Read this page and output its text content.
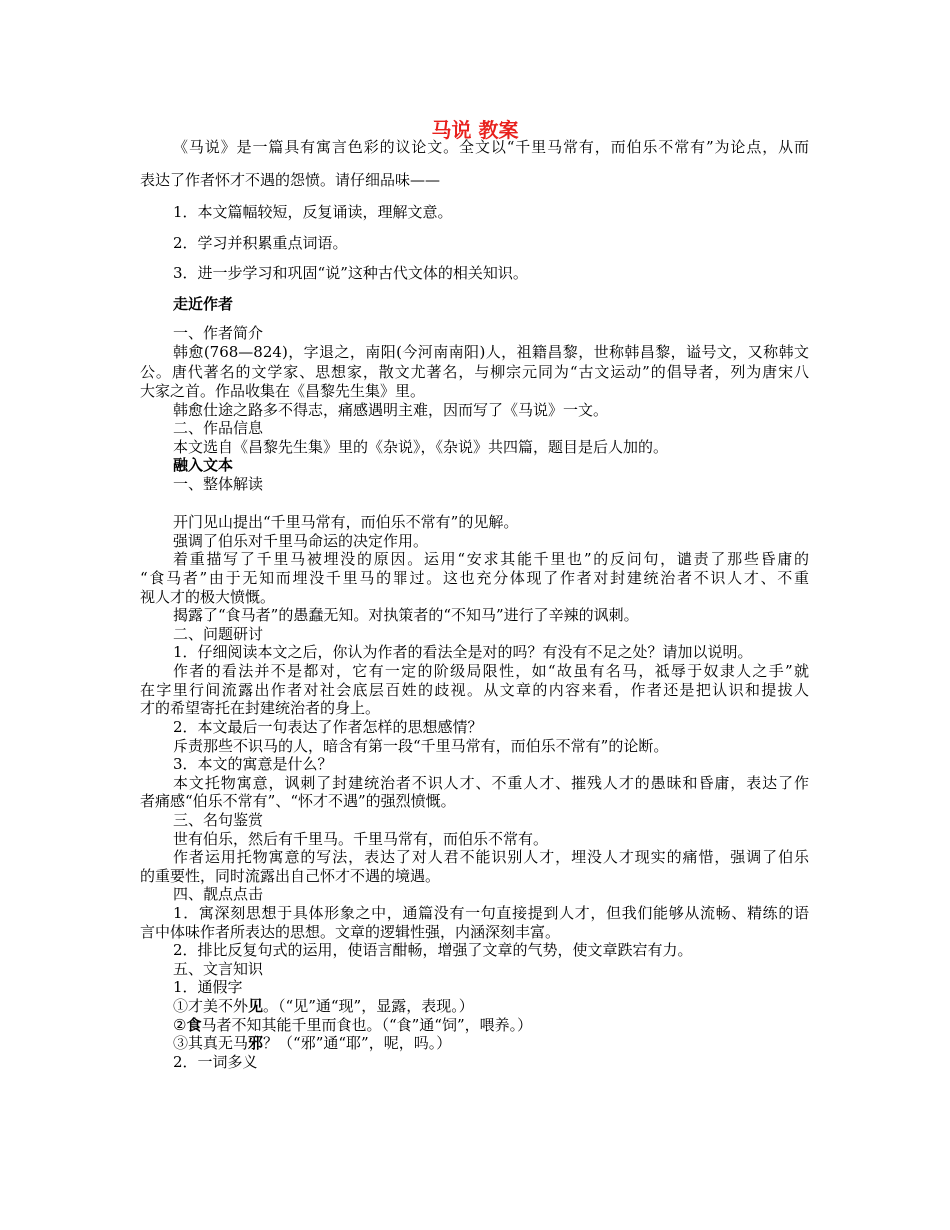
马说 教案
《马说》是一篇具有寓言色彩的议论文。全文以“千里马常有，而伯乐不常有”为论点，从而
表达了作者怀才不遇的怨愤。请仔细品味——
1．本文篇幅较短，反复诵读，理解文意。
2．学习并积累重点词语。
3．进一步学习和巩固“说”这种古代文体的相关知识。
走近作者
一、作者简介
韩愈(768—824)，字退之，南阳(今河南南阳)人，祖籍昌黎，世称韩昌黎，谥号文，又称韩文
公。唐代著名的文学家、思想家，散文尤著名，与柳宗元同为“古文运动”的倡导者，列为唐宋八
大家之首。作品收集在《昌黎先生集》里。
韩愈仕途之路多不得志，痛感遇明主难，因而写了《马说》一文。
二、作品信息
本文选自《昌黎先生集》里的《杂说》，《杂说》共四篇，题目是后人加的。
融入文本
一、整体解读
开门见山提出“千里马常有，而伯乐不常有”的见解。
强调了伯乐对千里马命运的决定作用。
着重描写了千里马被埋没的原因。运用“安求其能千里也”的反问句，谴责了那些昏庸的
“食马者”由于无知而埋没千里马的罪过。这也充分体现了作者对封建统治者不识人才、不重
视人才的极大愤慨。
揭露了“食马者”的愚蠢无知。对执策者的“不知马”进行了辛辣的讽刺。
二、问题研讨
1．仔细阅读本文之后，你认为作者的看法全是对的吗？有没有不足之处？请加以说明。
作者的看法并不是都对，它有一定的阶级局限性，如“故虽有名马，祗辱于奴隶人之手”就
在字里行间流露出作者对社会底层百姓的歧视。从文章的内容来看，作者还是把认识和提拔人
才的希望寄托在封建统治者的身上。
2．本文最后一句表达了作者怎样的思想感情？
斥责那些不识马的人，暗含有第一段“千里马常有，而伯乐不常有”的论断。
3．本文的寓意是什么？
本文托物寓意，讽刺了封建统治者不识人才、不重人才、摧残人才的愚昧和昏庸，表达了作
者痛感“伯乐不常有”、“怀才不遇”的强烈愤慨。
三、名句鉴赏
世有伯乐，然后有千里马。千里马常有，而伯乐不常有。
作者运用托物寓意的写法，表达了对人君不能识别人才，埋没人才现实的痛惜，强调了伯乐
的重要性，同时流露出自己怀才不遇的境遇。
四、靓点点击
1．寓深刻思想于具体形象之中，通篇没有一句直接提到人才，但我们能够从流畅、精练的语
言中体味作者所表达的思想。文章的逻辑性强，内涵深刻丰富。
2．排比反复句式的运用，使语言酣畅，增强了文章的气势，使文章跌宕有力。
五、文言知识
1．通假字
①才美不外见。（“见”通“现”，显露，表现。）
②食马者不知其能千里而食也。（“食”通“饲”，喂养。）
③其真无马邪？（“邪”通“耶”，呢，吗。）
2．一词多义
